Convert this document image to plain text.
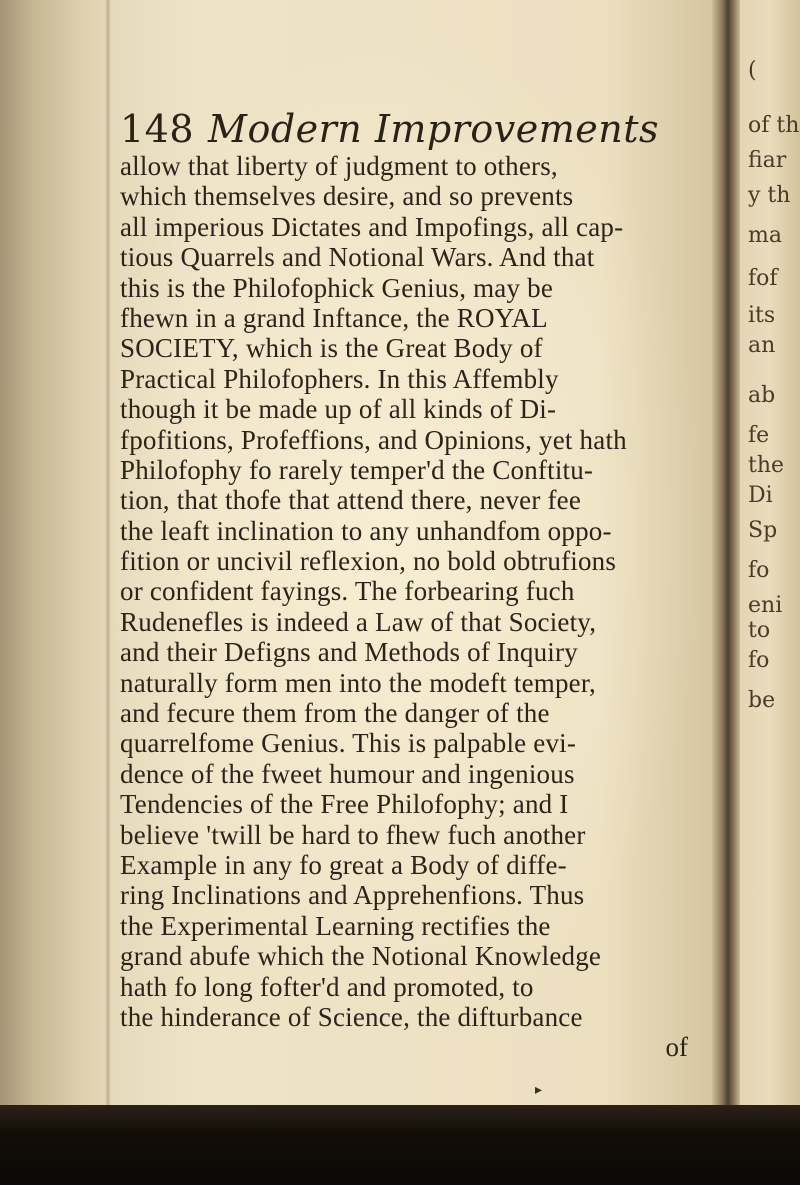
148 Modern Improvements
allow that liberty of judgment to others,
which themselves desire, and so prevents
all imperious Dictates and Impofings, all cap-
tious Quarrels and Notional Wars. And that
this is the Philofophick Genius, may be
fhewn in a grand Inftance, the ROYAL
SOCIETY, which is the Great Body of
Practical Philofophers. In this Affembly
though it be made up of all kinds of Di-
fpofitions, Profeffions, and Opinions, yet hath
Philofophy fo rarely temper'd the Conftitu-
tion, that thofe that attend there, never fee
the leaft inclination to any unhandfom oppo-
fition or uncivil reflexion, no bold obtrufions
or confident fayings. The forbearing fuch
Rudenefles is indeed a Law of that Society,
and their Defigns and Methods of Inquiry
naturally form men into the modeft temper,
and fecure them from the danger of the
quarrelfome Genius. This is palpable evi-
dence of the fweet humour and ingenious
Tendencies of the Free Philofophy; and I
believe 'twill be hard to fhew fuch another
Example in any fo great a Body of diffe-
ring Inclinations and Apprehenfions. Thus
the Experimental Learning rectifies the
grand abufe which the Notional Knowledge
hath fo long fofter'd and promoted, to
the hinderance of Science, the difturbance
of
(
of th
fiar
y th
ma
fof
its
an
ab
fe
the
Di
Sp
fo
eni
to
fo
be
▸
